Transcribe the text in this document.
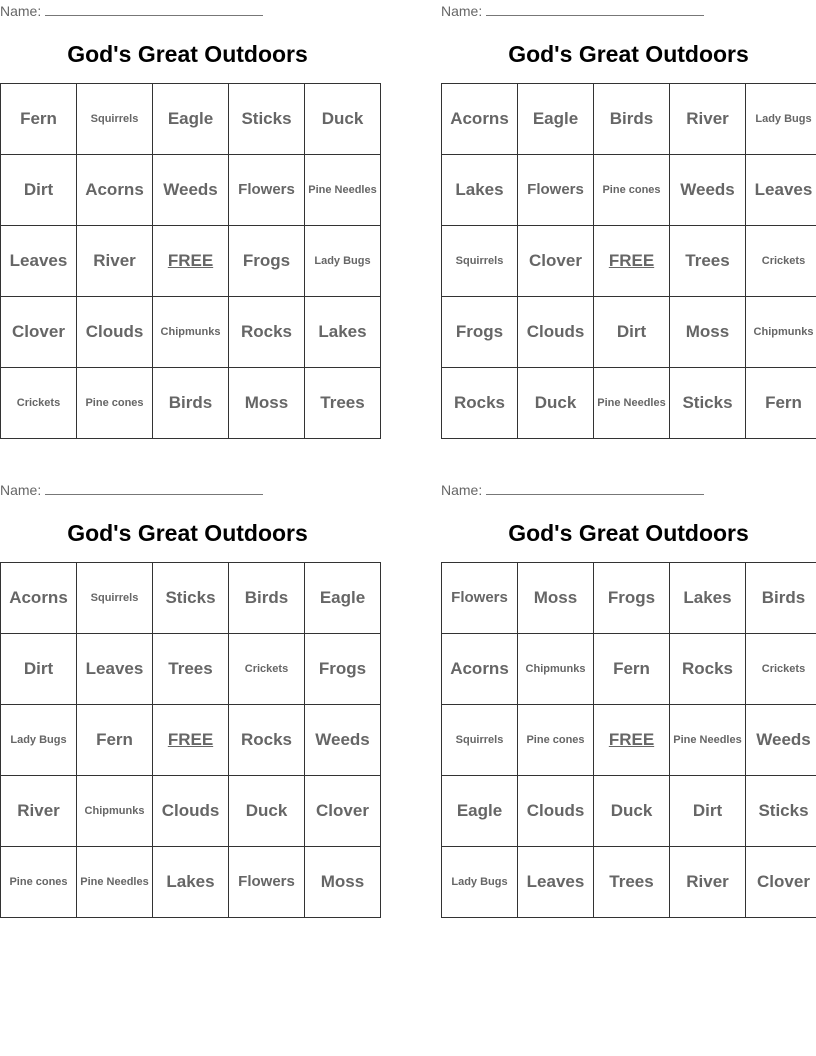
Name:
God's Great Outdoors
Fern	Squirrels	Eagle	Sticks	Duck
Dirt	Acorns	Weeds	Flowers	Pine Needles
Leaves	River	FREE	Frogs	Lady Bugs
Clover	Clouds	Chipmunks	Rocks	Lakes
Crickets	Pine cones	Birds	Moss	Trees
Name:
God's Great Outdoors
Acorns	Eagle	Birds	River	Lady Bugs
Lakes	Flowers	Pine cones	Weeds	Leaves
Squirrels	Clover	FREE	Trees	Crickets
Frogs	Clouds	Dirt	Moss	Chipmunks
Rocks	Duck	Pine Needles	Sticks	Fern
Name:
God's Great Outdoors
Acorns	Squirrels	Sticks	Birds	Eagle
Dirt	Leaves	Trees	Crickets	Frogs
Lady Bugs	Fern	FREE	Rocks	Weeds
River	Chipmunks	Clouds	Duck	Clover
Pine cones	Pine Needles	Lakes	Flowers	Moss
Name:
God's Great Outdoors
Flowers	Moss	Frogs	Lakes	Birds
Acorns	Chipmunks	Fern	Rocks	Crickets
Squirrels	Pine cones	FREE	Pine Needles	Weeds
Eagle	Clouds	Duck	Dirt	Sticks
Lady Bugs	Leaves	Trees	River	Clover
